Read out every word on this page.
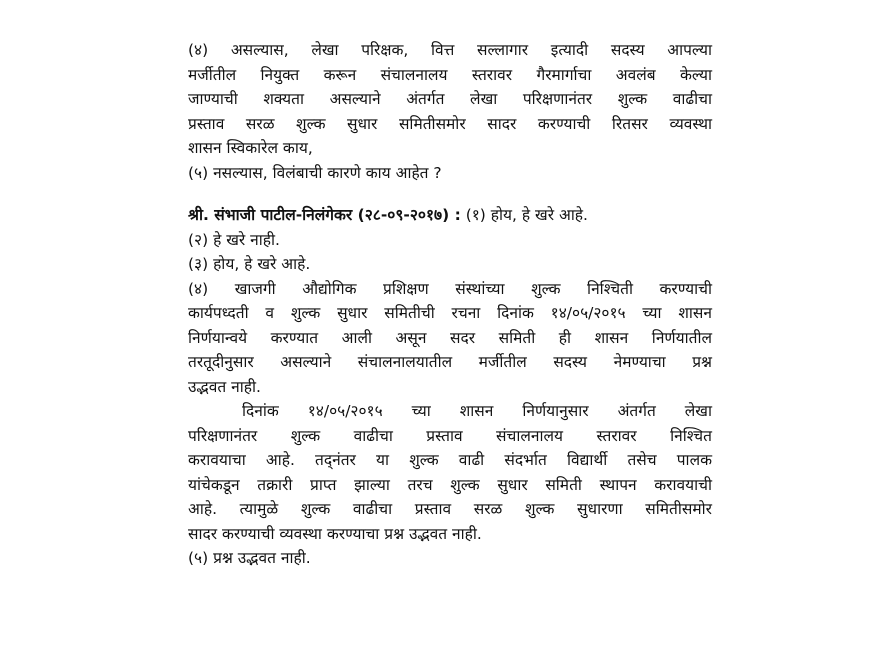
(४) असल्यास, लेखा परिक्षक, वित्त सल्लागार इत्यादी सदस्य आपल्या
मर्जीतील नियुक्त करून संचालनालय स्तरावर गैरमार्गाचा अवलंब केल्या
जाण्याची शक्यता असल्याने अंतर्गत लेखा परिक्षणानंतर शुल्क वाढीचा
प्रस्ताव सरळ शुल्क सुधार समितीसमोर सादर करण्याची रितसर व्यवस्था
शासन स्विकारेल काय,
(५) नसल्यास, विलंबाची कारणे काय आहेत ?
श्री. संभाजी पाटील-निलंगेकर (२८-०९-२०१७) : (१) होय, हे खरे आहे.
(२) हे खरे नाही.
(३) होय, हे खरे आहे.
(४) खाजगी औद्योगिक प्रशिक्षण संस्थांच्या शुल्क निश्चिती करण्याची
कार्यपध्दती व शुल्क सुधार समितीची रचना दिनांक १४/०५/२०१५ च्या शासन
निर्णयान्वये करण्यात आली असून सदर समिती ही शासन निर्णयातील
तरतूदीनुसार असल्याने संचालनालयातील मर्जीतील सदस्य नेमण्याचा प्रश्न
उद्भवत नाही.
दिनांक १४/०५/२०१५ च्या शासन निर्णयानुसार अंतर्गत लेखा
परिक्षणानंतर शुल्क वाढीचा प्रस्ताव संचालनालय स्तरावर निश्चित
करावयाचा आहे. तद्नंतर या शुल्क वाढी संदर्भात विद्यार्थी तसेच पालक
यांचेकडून तक्रारी प्राप्त झाल्या तरच शुल्क सुधार समिती स्थापन करावयाची
आहे. त्यामुळे शुल्क वाढीचा प्रस्ताव सरळ शुल्क सुधारणा समितीसमोर
सादर करण्याची व्यवस्था करण्याचा प्रश्न उद्भवत नाही.
(५) प्रश्न उद्भवत नाही.
